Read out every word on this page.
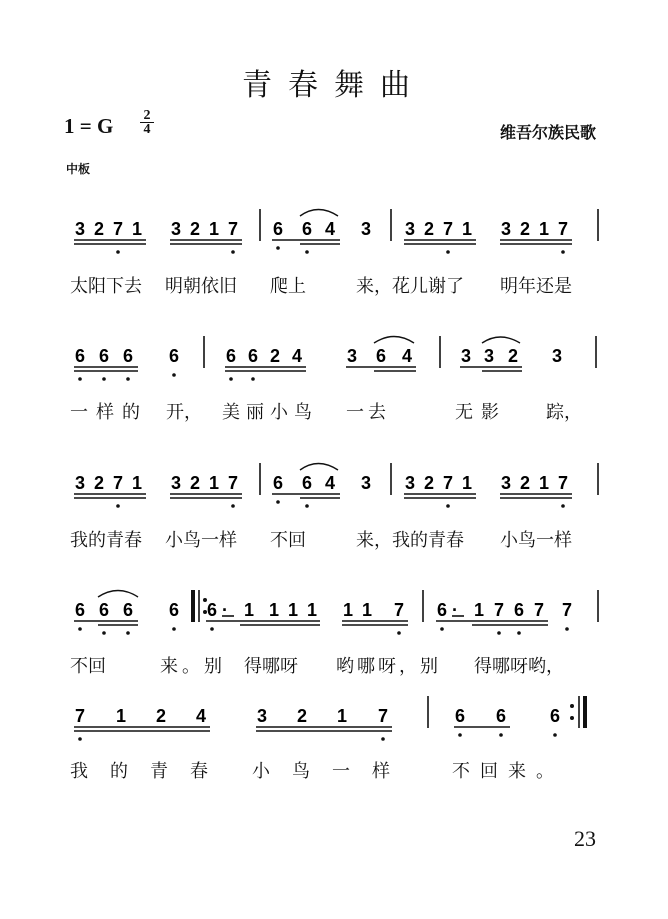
青春舞曲
1 = G 2
4	维吾尔族民歌
中板
3 2 7 1 3 2 1 7 6 6 4 3 3 2 7 1 3 2 1 7
太阳下去 明朝依旧 爬上	来，花儿谢了 明年还是
6 6 6 6	6 6 2 4 3 6 4	3 3 2 3
一样的 开， 美丽小鸟 一去	无影 踪，
3 2 7 1 3 2 1 7 6 6 4 3 3 2 7 1 3 2 1 7
我的青春 小鸟一样 不回	来，我的青春 小鸟一样
6 6 6 6 6 · 1 1 1 1 1 1 7 6 · 1 7 6 7 7
不回	来。别 得哪呀 哟哪呀，别 得哪呀哟，
7 1 2 4	3 2 1 7	6 6 6
我的青春 小鸟一样 不回来。
23
